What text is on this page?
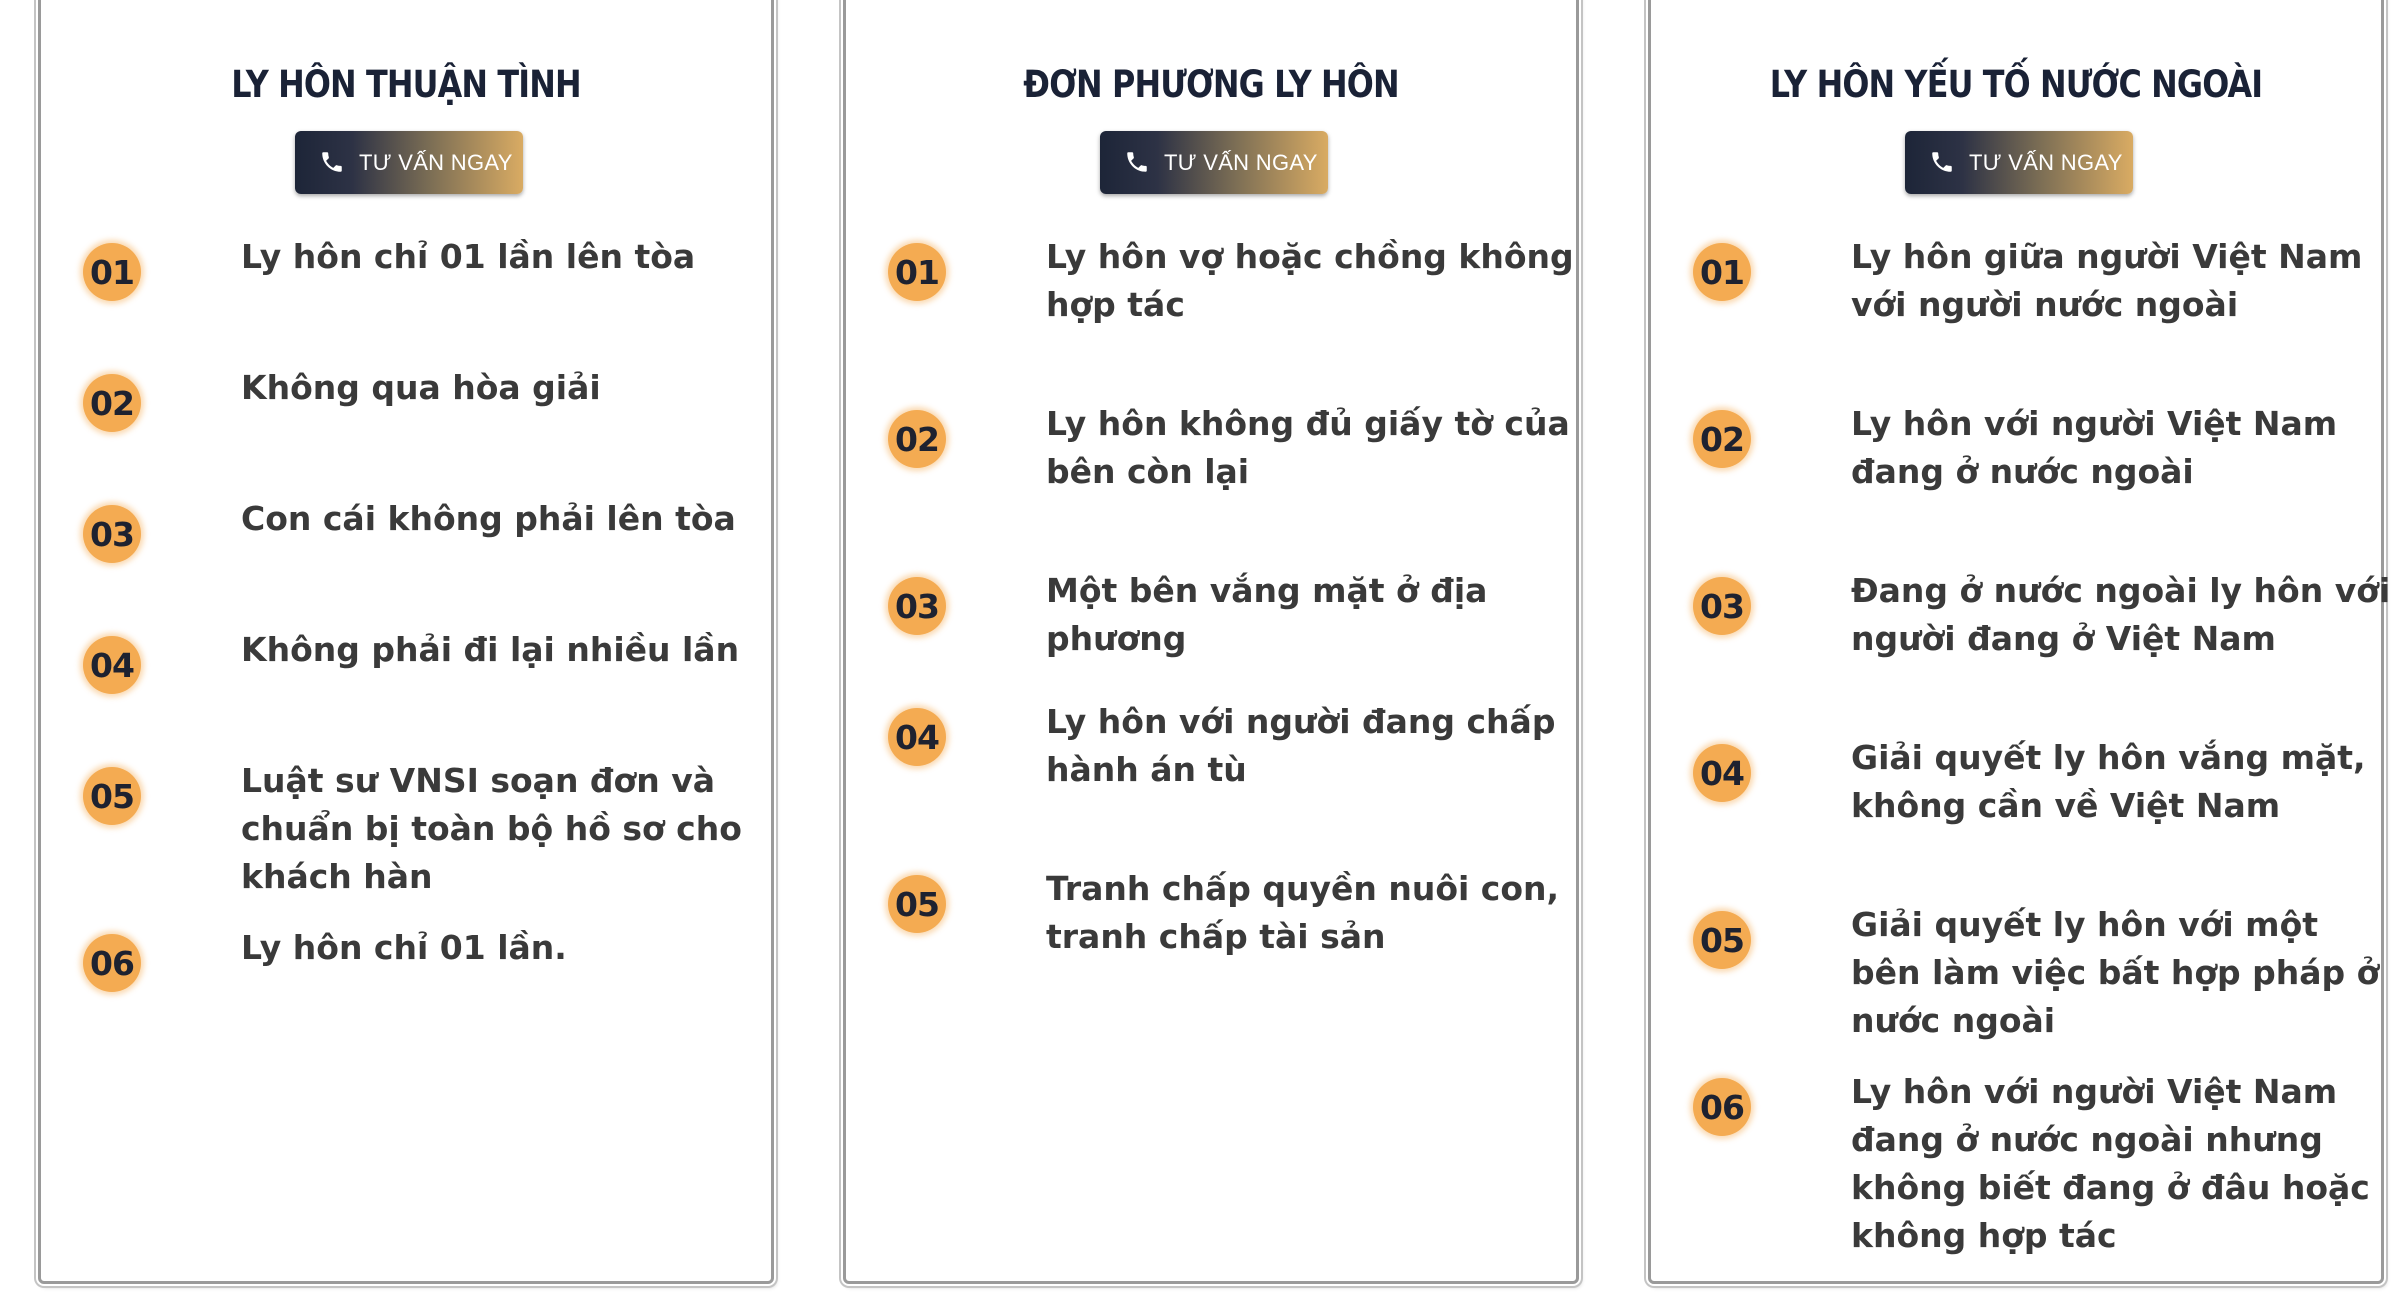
LY HÔN THUẬN TÌNH
TƯ VẤN NGAY
01	Ly hôn chỉ 01 lần lên tòa
02	Không qua hòa giải
03	Con cái không phải lên tòa
04	Không phải đi lại nhiều lần
05	Luật sư VNSI soạn đơn và chuẩn bị toàn bộ hồ sơ cho khách hàn
06	Ly hôn chỉ 01 lần.
ĐƠN PHƯƠNG LY HÔN
TƯ VẤN NGAY
01	Ly hôn vợ hoặc chồng không hợp tác
02	Ly hôn không đủ giấy tờ của bên còn lại
03	Một bên vắng mặt ở địa phương
04	Ly hôn với người đang chấp hành án tù
05	Tranh chấp quyền nuôi con, tranh chấp tài sản
LY HÔN YẾU TỐ NƯỚC NGOÀI
TƯ VẤN NGAY
01	Ly hôn giữa người Việt Nam với người nước ngoài
02	Ly hôn với người Việt Nam đang ở nước ngoài
03	Đang ở nước ngoài ly hôn với người đang ở Việt Nam
04	Giải quyết ly hôn vắng mặt, không cần về Việt Nam
05	Giải quyết ly hôn với một bên làm việc bất hợp pháp ở nước ngoài
06	Ly hôn với người Việt Nam đang ở nước ngoài nhưng không biết đang ở đâu hoặc không hợp tác
